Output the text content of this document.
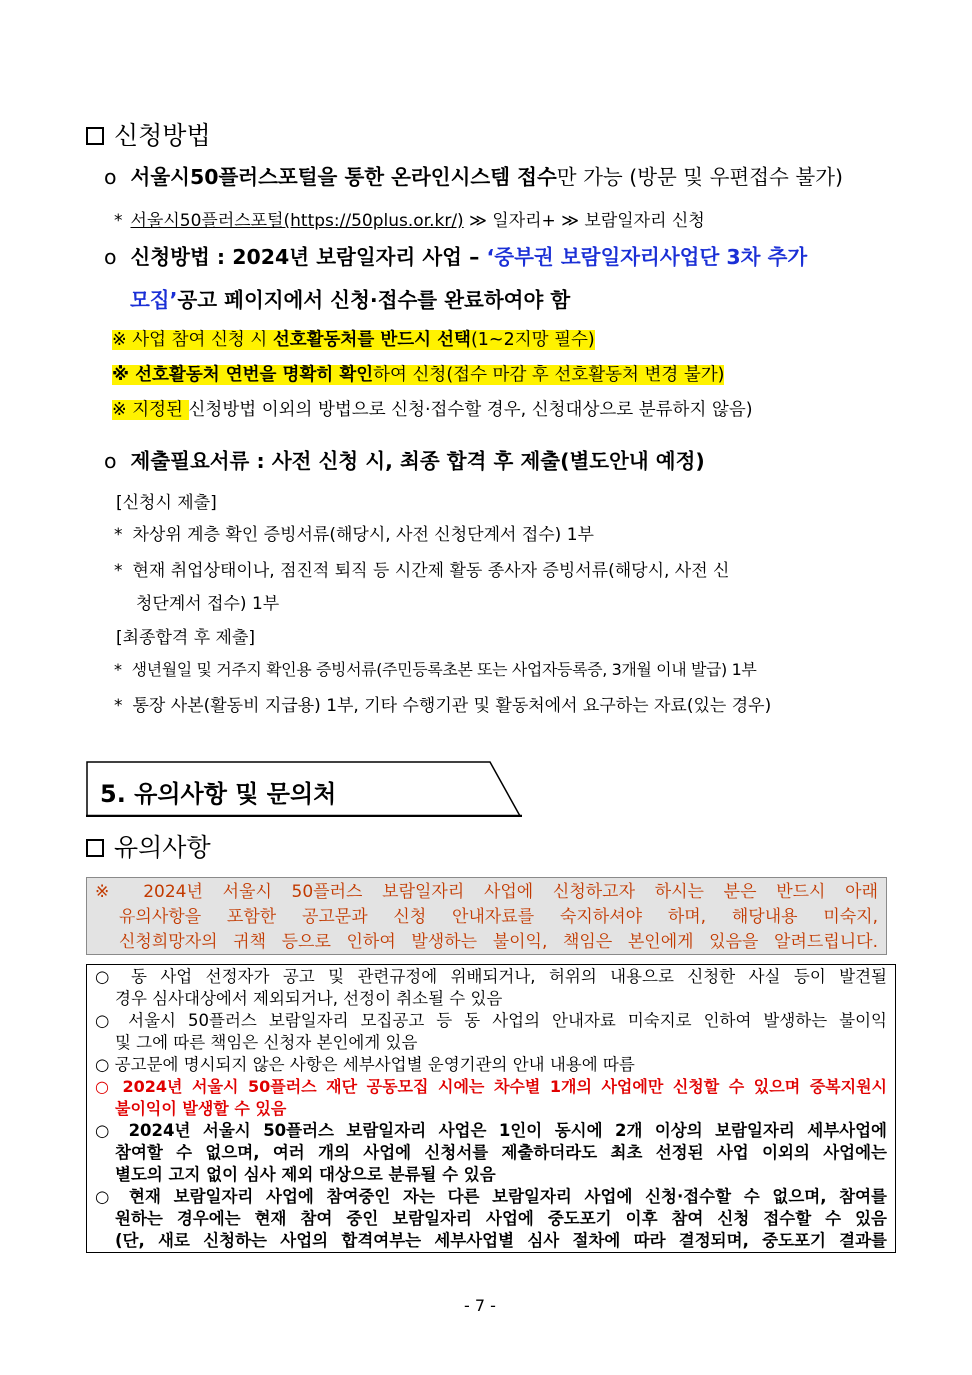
신청방법
o 서울시50플러스포털을 통한 온라인시스템 접수만 가능 (방문 및 우편접수 불가)
* 서울시50플러스포털(https://50plus.or.kr/) ≫ 일자리+ ≫ 보람일자리 신청
o 신청방법 : 2024년 보람일자리 사업 – ‘중부권 보람일자리사업단 3차 추가
모집’공고 페이지에서 신청·접수를 완료하여야 함
※ 사업 참여 신청 시 선호활동처를 반드시 선택(1~2지망 필수)
※ 선호활동처 연번을 명확히 확인하여 신청(접수 마감 후 선호활동처 변경 불가)
※ 지정된 신청방법 이외의 방법으로 신청·접수할 경우, 신청대상으로 분류하지 않음)
o 제출필요서류 : 사전 신청 시, 최종 합격 후 제출(별도안내 예정)
[신청시 제출]
* 차상위 계층 확인 증빙서류(해당시, 사전 신청단계서 접수) 1부
* 현재 취업상태이나, 점진적 퇴직 등 시간제 활동 종사자 증빙서류(해당시, 사전 신
청단계서 접수) 1부
[최종합격 후 제출]
* 생년월일 및 거주지 확인용 증빙서류(주민등록초본 또는 사업자등록증, 3개월 이내 발급) 1부
* 통장 사본(활동비 지급용) 1부, 기타 수행기관 및 활동처에서 요구하는 자료(있는 경우)
5. 유의사항 및 문의처
유의사항

※ 2024년 서울시 50플러스 보람일자리 사업에 신청하고자 하시는 분은 반드시 아래

유의사항을 포함한 공고문과 신청 안내자료를 숙지하셔야 하며, 해당내용 미숙지,

신청희망자의 귀책 등으로 인하여 발생하는 불이익, 책임은 본인에게 있음을 알려드립니다.

○ 동 사업 선정자가 공고 및 관련규정에 위배되거나, 허위의 내용으로 신청한 사실 등이 발견될

경우 심사대상에서 제외되거나, 선정이 취소될 수 있음

○ 서울시 50플러스 보람일자리 모집공고 등 동 사업의 안내자료 미숙지로 인하여 발생하는 불이익

및 그에 따른 책임은 신청자 본인에게 있음

○ 공고문에 명시되지 않은 사항은 세부사업별 운영기관의 안내 내용에 따름

○ 2024년 서울시 50플러스 재단 공동모집 시에는 차수별 1개의 사업에만 신청할 수 있으며 중복지원시

불이익이 발생할 수 있음

○ 2024년 서울시 50플러스 보람일자리 사업은 1인이 동시에 2개 이상의 보람일자리 세부사업에

참여할 수 없으며, 여러 개의 사업에 신청서를 제출하더라도 최초 선정된 사업 이외의 사업에는

별도의 고지 없이 심사 제외 대상으로 분류될 수 있음

○ 현재 보람일자리 사업에 참여중인 자는 다른 보람일자리 사업에 신청·접수할 수 없으며, 참여를

원하는 경우에는 현재 참여 중인 보람일자리 사업에 중도포기 이후 참여 신청 접수할 수 있음

(단, 새로 신청하는 사업의 합격여부는 세부사업별 심사 절차에 따라 결정되며, 중도포기 결과를

- 7 -
